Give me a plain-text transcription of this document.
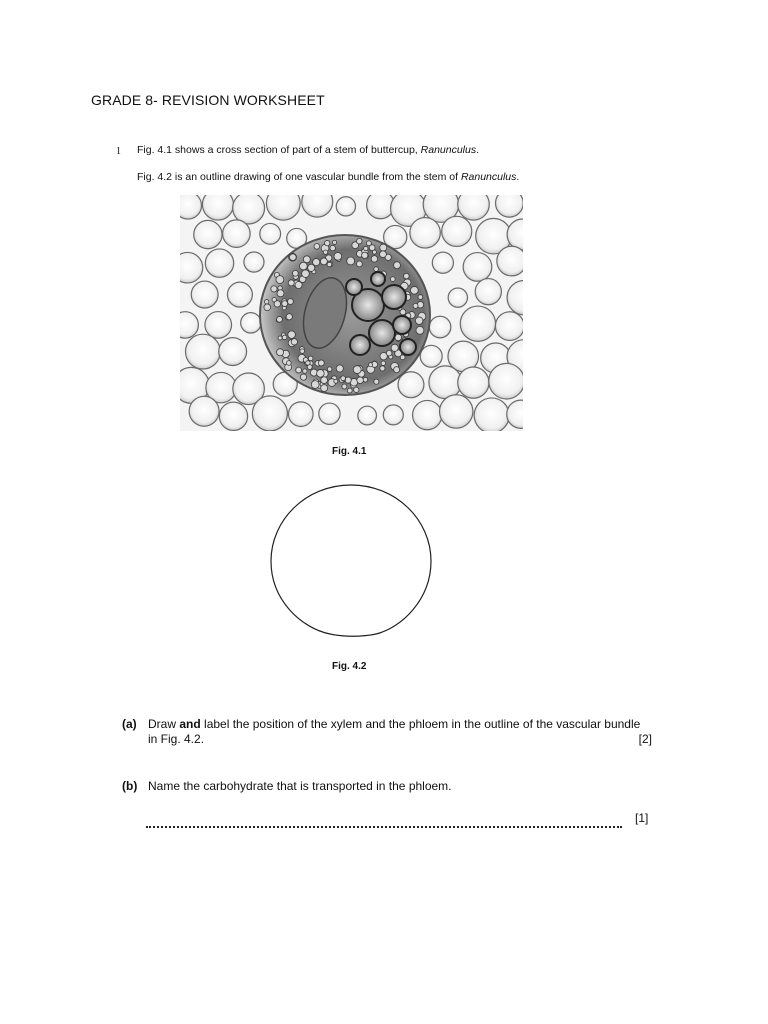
GRADE 8- REVISION WORKSHEET
1 Fig. 4.1 shows a cross section of part of a stem of buttercup, Ranunculus.
Fig. 4.2 is an outline drawing of one vascular bundle from the stem of Ranunculus.
Fig. 4.1
Fig. 4.2
(a) Draw and label the position of the xylem and the phloem in the outline of the vascular bundle in Fig. 4.2.	[2]
(b) Name the carbohydrate that is transported in the phloem.
[1]
